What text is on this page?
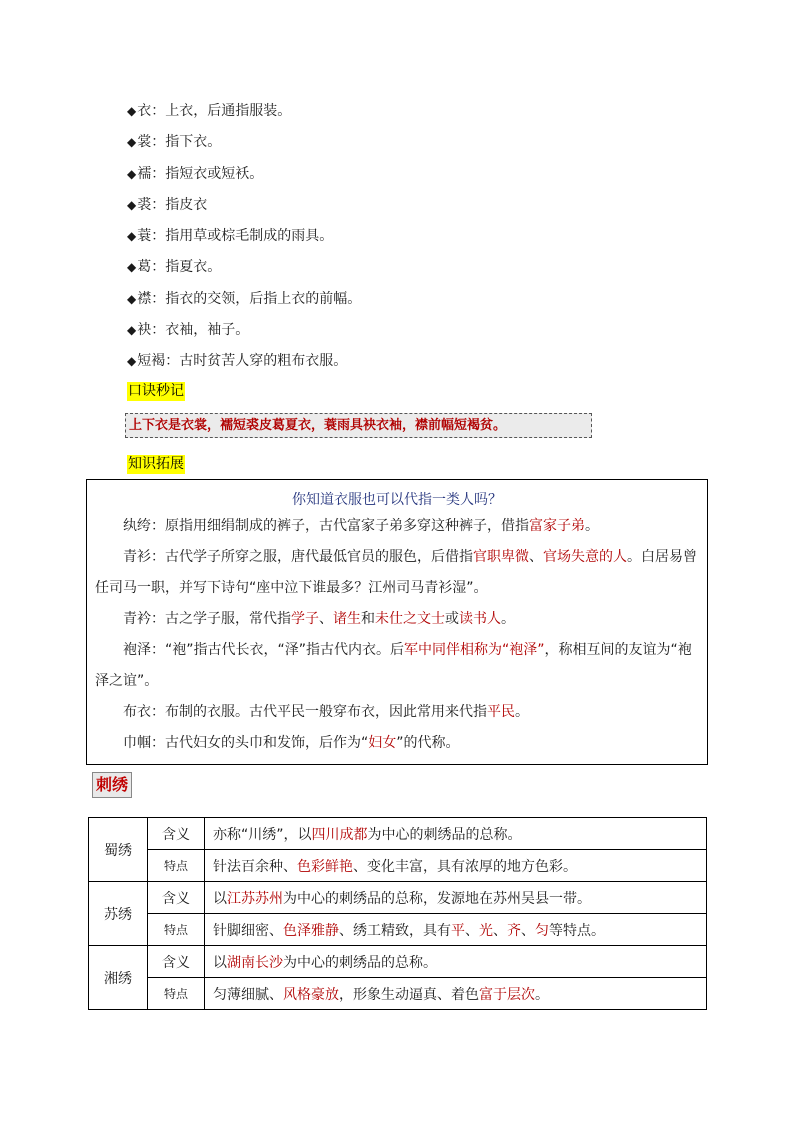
◆衣：上衣，后通指服装。
◆裳：指下衣。
◆襦：指短衣或短袄。
◆裘：指皮衣
◆蓑：指用草或棕毛制成的雨具。
◆葛：指夏衣。
◆襟：指衣的交领，后指上衣的前幅。
◆袂：衣袖，袖子。
◆短褐：古时贫苦人穿的粗布衣服。
口诀秒记
上下衣是衣裳，襦短裘皮葛夏衣，蓑雨具袂衣袖，襟前幅短褐贫。
知识拓展
你知道衣服也可以代指一类人吗？

纨绔：原指用细绢制成的裤子，古代富家子弟多穿这种裤子，借指富家子弟。

青衫：古代学子所穿之服，唐代最低官员的服色，后借指官职卑微、官场失意的人。白居易曾任司马一职，并写下诗句“座中泣下谁最多？江州司马青衫湿”。

青衿：古之学子服，常代指学子、诸生和未仕之文士或读书人。

袍泽：“袍”指古代长衣，“泽”指古代内衣。后军中同伴相称为“袍泽”，称相互间的友谊为“袍泽之谊”。

布衣：布制的衣服。古代平民一般穿布衣，因此常用来代指平民。

巾帼：古代妇女的头巾和发饰，后作为“妇女”的代称。

刺绣
蜀绣	含义	亦称“川绣”，以四川成都为中心的刺绣品的总称。
	特点	针法百余种、色彩鲜艳、变化丰富，具有浓厚的地方色彩。
苏绣	含义	以江苏苏州为中心的刺绣品的总称，发源地在苏州吴县一带。
	特点	针脚细密、色泽雅静、绣工精致，具有平、光、齐、匀等特点。
湘绣	含义	以湖南长沙为中心的刺绣品的总称。
	特点	匀薄细腻、风格豪放，形象生动逼真、着色富于层次。
